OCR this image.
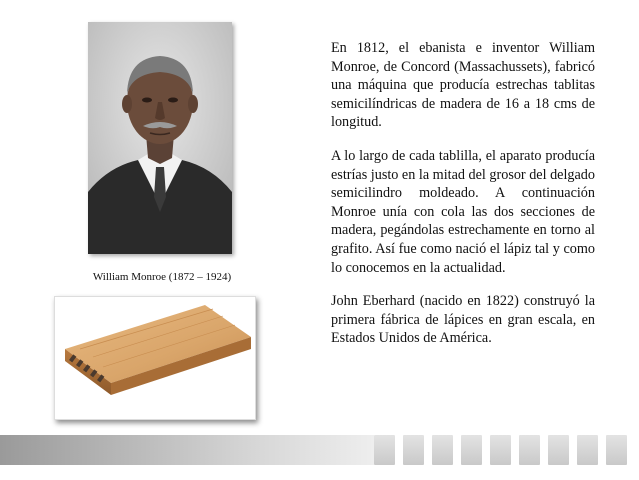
William Monroe (1872 – 1924)

En 1812, el ebanista e inventor William Monroe, de Concord (Massachussets), fabricó una máquina que producía estrechas tablitas semicilíndricas de madera de 16 a 18 cms de longitud.

A lo largo de cada tablilla, el aparato producía estrías justo en la mitad del grosor del delgado semicilindro moldeado. A continuación Monroe unía con cola las dos secciones de madera, pegándolas estrechamente en torno al grafito. Así fue como nació el lápiz tal y como lo conocemos en la actualidad.

John Eberhard (nacido en 1822) construyó la primera fábrica de lápices en gran escala, en Estados Unidos de América.
